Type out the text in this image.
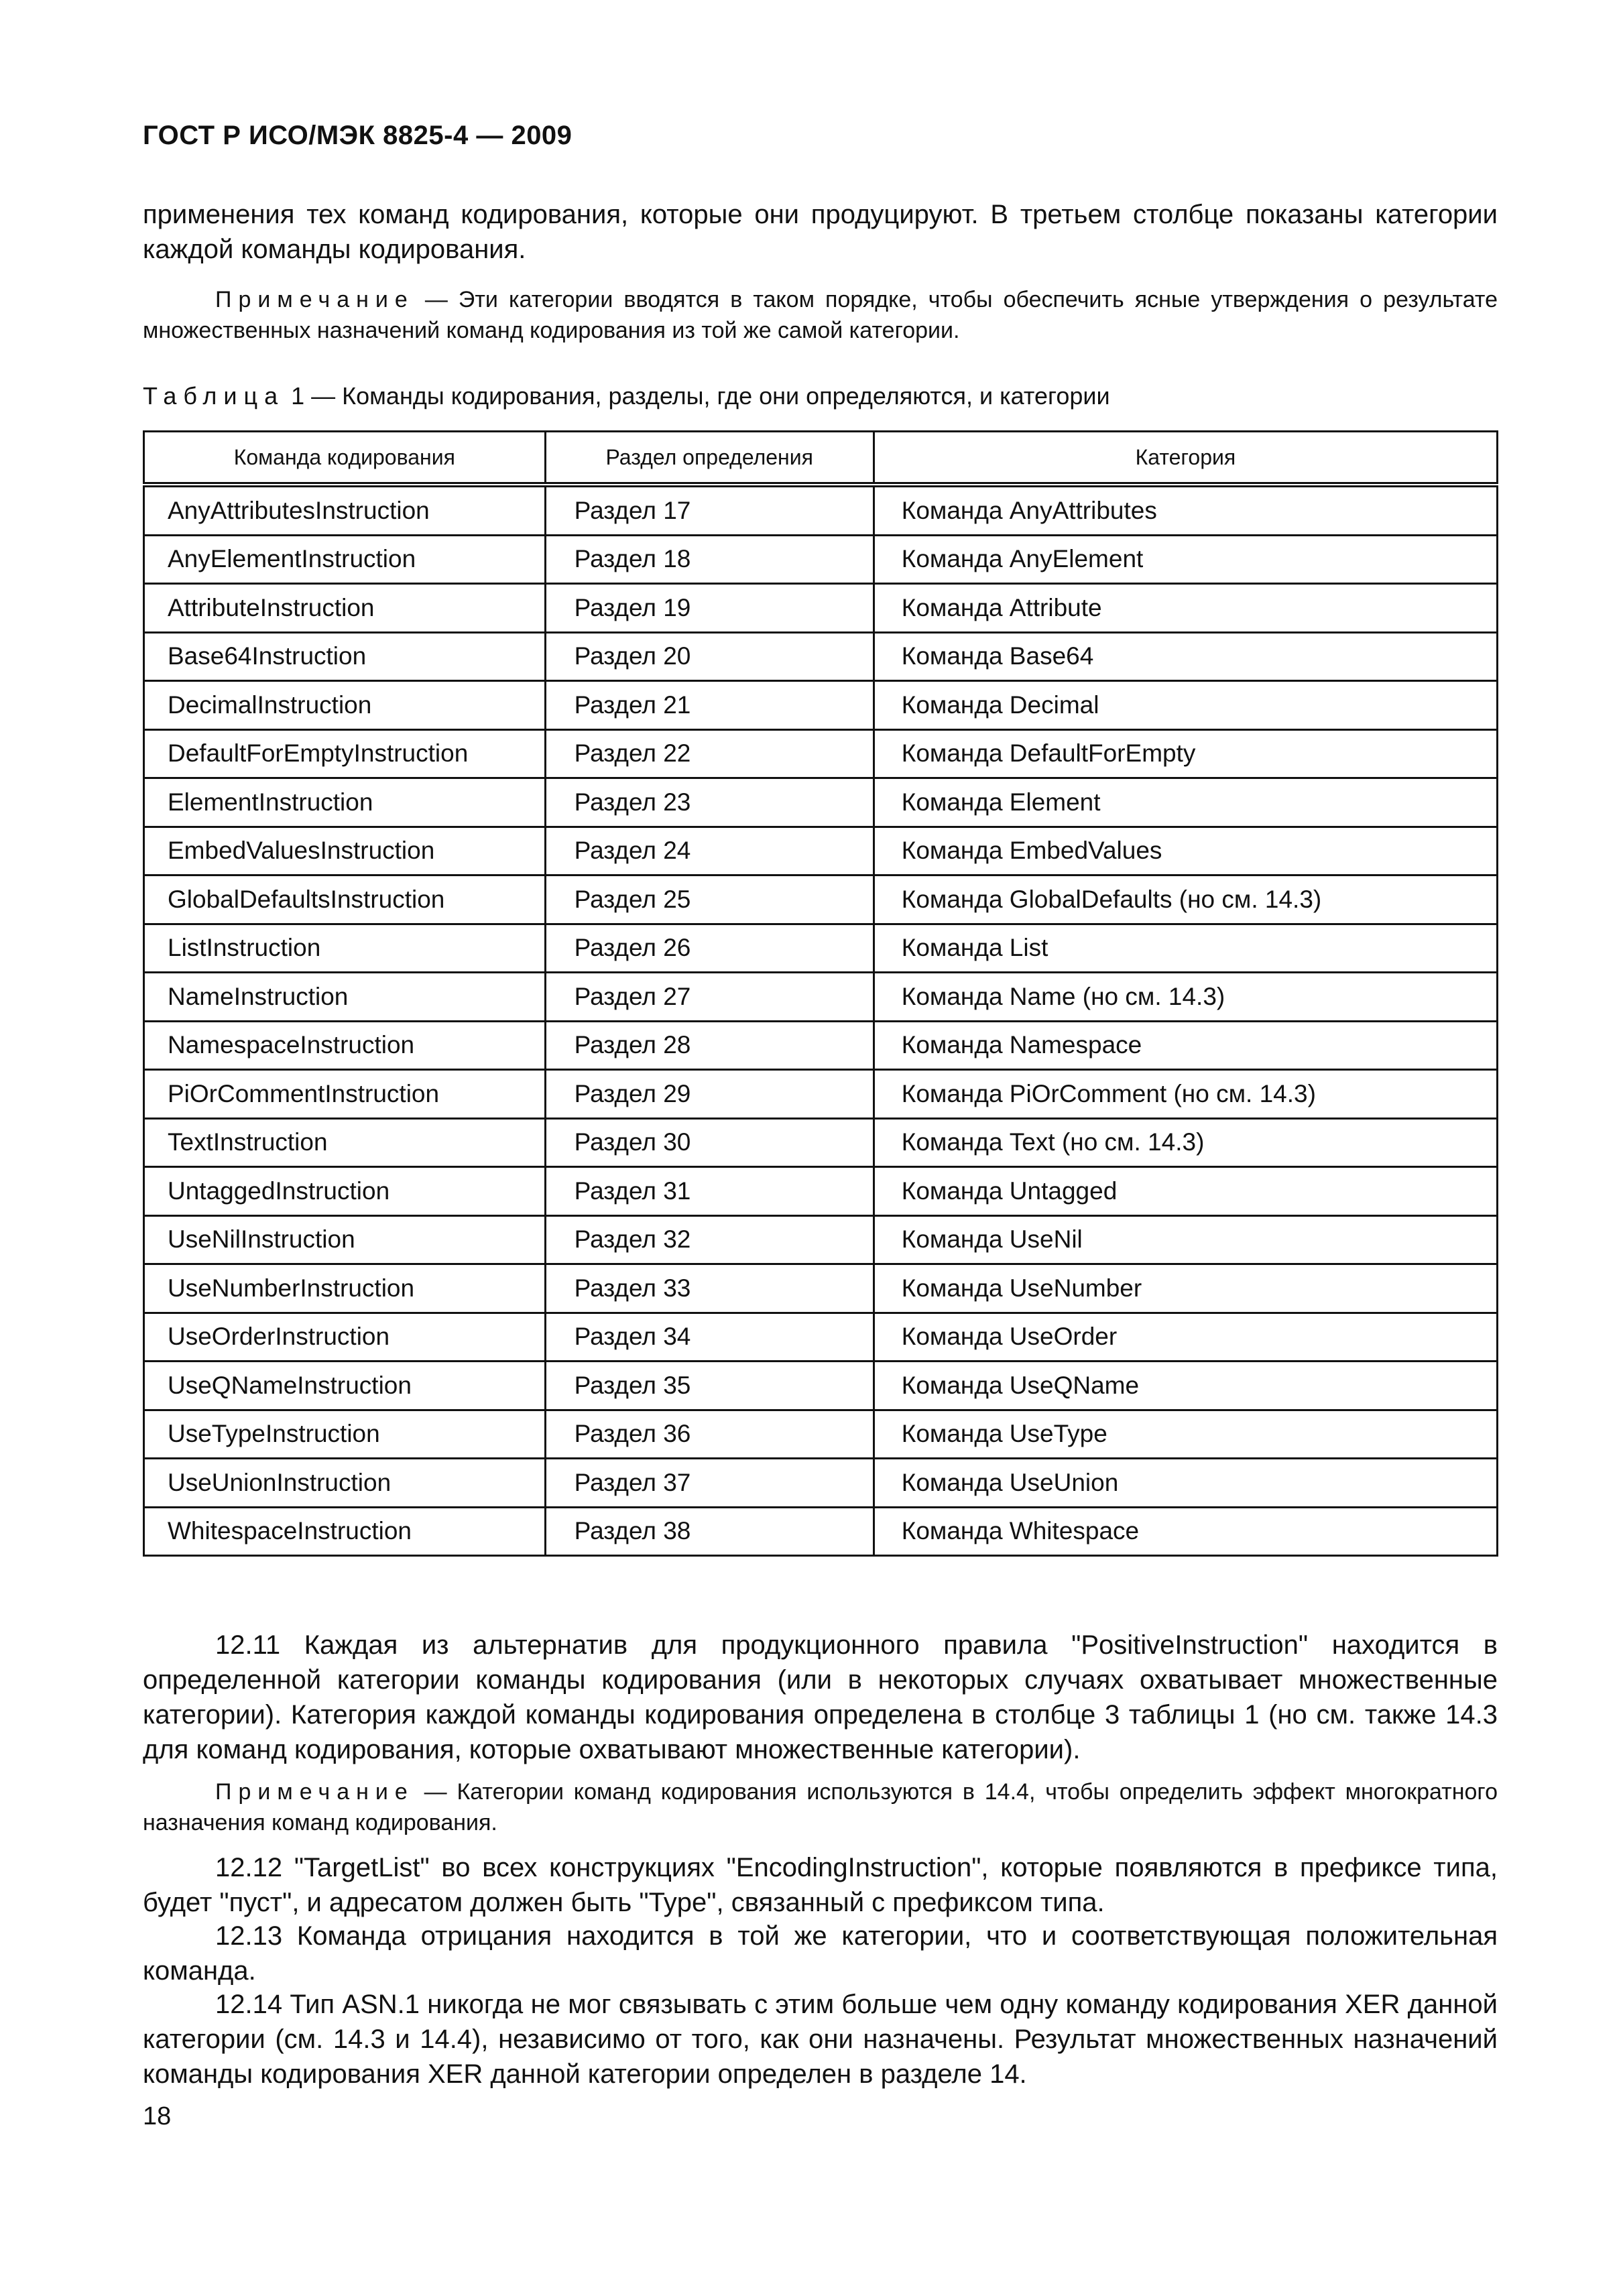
ГОСТ Р ИСО/МЭК 8825-4 — 2009
применения тех команд кодирования, которые они продуцируют. В третьем столбце показаны категории каждой команды кодирования.
Примечание — Эти категории вводятся в таком порядке, чтобы обеспечить ясные утверждения о результате множественных назначений команд кодирования из той же самой категории.
Таблица 1 — Команды кодирования, разделы, где они определяются, и категории
Команда кодирования	Раздел определения	Категория
AnyAttributesInstruction	Раздел 17	Команда AnyAttributes
AnyElementInstruction	Раздел 18	Команда AnyElement
AttributeInstruction	Раздел 19	Команда Attribute
Base64Instruction	Раздел 20	Команда Base64
DecimalInstruction	Раздел 21	Команда Decimal
DefaultForEmptyInstruction	Раздел 22	Команда DefaultForEmpty
ElementInstruction	Раздел 23	Команда Element
EmbedValuesInstruction	Раздел 24	Команда EmbedValues
GlobalDefaultsInstruction	Раздел 25	Команда GlobalDefaults (но см. 14.3)
ListInstruction	Раздел 26	Команда List
NameInstruction	Раздел 27	Команда Name (но см. 14.3)
NamespaceInstruction	Раздел 28	Команда Namespace
PiOrCommentInstruction	Раздел 29	Команда PiOrComment (но см. 14.3)
TextInstruction	Раздел 30	Команда Text (но см. 14.3)
UntaggedInstruction	Раздел 31	Команда Untagged
UseNilInstruction	Раздел 32	Команда UseNil
UseNumberInstruction	Раздел 33	Команда UseNumber
UseOrderInstruction	Раздел 34	Команда UseOrder
UseQNameInstruction	Раздел 35	Команда UseQName
UseTypeInstruction	Раздел 36	Команда UseType
UseUnionInstruction	Раздел 37	Команда UseUnion
WhitespaceInstruction	Раздел 38	Команда Whitespace
12.11 Каждая из альтернатив для продукционного правила "PositiveInstruction" находится в определенной категории команды кодирования (или в некоторых случаях охватывает множественные категории). Категория каждой команды кодирования определена в столбце 3 таблицы 1 (но см. также 14.3 для команд кодирования, которые охватывают множественные категории).
Примечание — Категории команд кодирования используются в 14.4, чтобы определить эффект многократного назначения команд кодирования.
12.12 "TargetList" во всех конструкциях "EncodingInstruction", которые появляются в префиксе типа, будет "пуст", и адресатом должен быть "Type", связанный с префиксом типа.
12.13 Команда отрицания находится в той же категории, что и соответствующая положительная команда.
12.14 Тип ASN.1 никогда не мог связывать с этим больше чем одну команду кодирования XER данной категории (см. 14.3 и 14.4), независимо от того, как они назначены. Результат множественных назначений команды кодирования XER данной категории определен в разделе 14.
18
